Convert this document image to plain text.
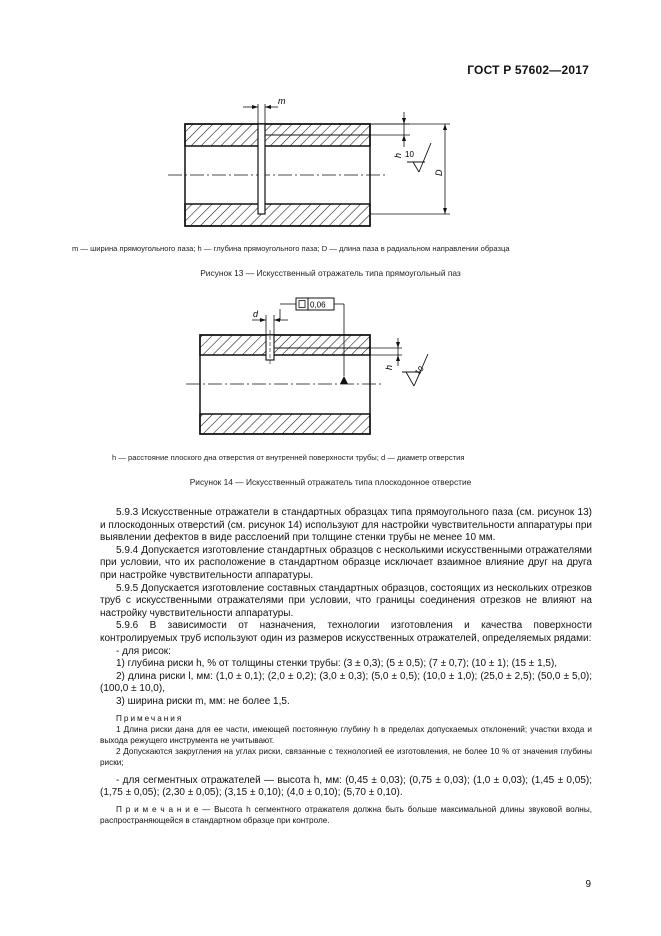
ГОСТ Р 57602—2017
m
h
D
10
m — ширина прямоугольного паза; h — глубина прямоугольного паза; D — длина паза в радиальном направлении образца
Рисунок 13 — Искусственный отражатель типа прямоугольный паз
d
0,06
h 10
h — расстояние плоского дна отверстия от внутренней поверхности трубы; d — диаметр отверстия
Рисунок 14 — Искусственный отражатель типа плоскодонное отверстие

5.9.3 Искусственные отражатели в стандартных образцах типа прямоугольного паза (см. рисунок 13) и плоскодонных отверстий (см. рисунок 14) используют для настройки чувствительности аппаратуры при выявлении дефектов в виде расслоений при толщине стенки трубы не менее 10 мм.

5.9.4 Допускается изготовление стандартных образцов с несколькими искусственными отражателями при условии, что их расположение в стандартном образце исключает взаимное влияние друг на друга при настройке чувствительности аппаратуры.

5.9.5 Допускается изготовление составных стандартных образцов, состоящих из нескольких отрезков труб с искусственными отражателями при условии, что границы соединения отрезков не влияют на настройку чувствительности аппаратуры.

5.9.6 В зависимости от назначения, технологии изготовления и качества поверхности контролируемых труб используют один из размеров искусственных отражателей, определяемых рядами:

- для рисок:

1) глубина риски h, % от толщины стенки трубы: (3 ± 0,3); (5 ± 0,5); (7 ± 0,7); (10 ± 1); (15 ± 1,5),

2) длина риски l, мм: (1,0 ± 0,1); (2,0 ± 0,2); (3,0 ± 0,3); (5,0 ± 0,5); (10,0 ± 1,0); (25,0 ± 2,5); (50,0 ± 5,0); (100,0 ± 10,0),

3) ширина риски m, мм: не более 1,5.

Примечания

1 Длина риски дана для ее части, имеющей постоянную глубину h в пределах допускаемых отклонений; участки входа и выхода режущего инструмента не учитывают.

2 Допускаются закругления на углах риски, связанные с технологией ее изготовления, не более 10 % от значения глубины риски;

- для сегментных отражателей — высота h, мм: (0,45 ± 0,03); (0,75 ± 0,03); (1,0 ± 0,03); (1,45 ± 0,05); (1,75 ± 0,05); (2,30 ± 0,05); (3,15 ± 0,10); (4,0 ± 0,10); (5,70 ± 0,10).

П р и м е ч а н и е — Высота h сегментного отражателя должна быть больше максимальной длины звуковой волны, распространяющейся в стандартном образце при контроле.

9
